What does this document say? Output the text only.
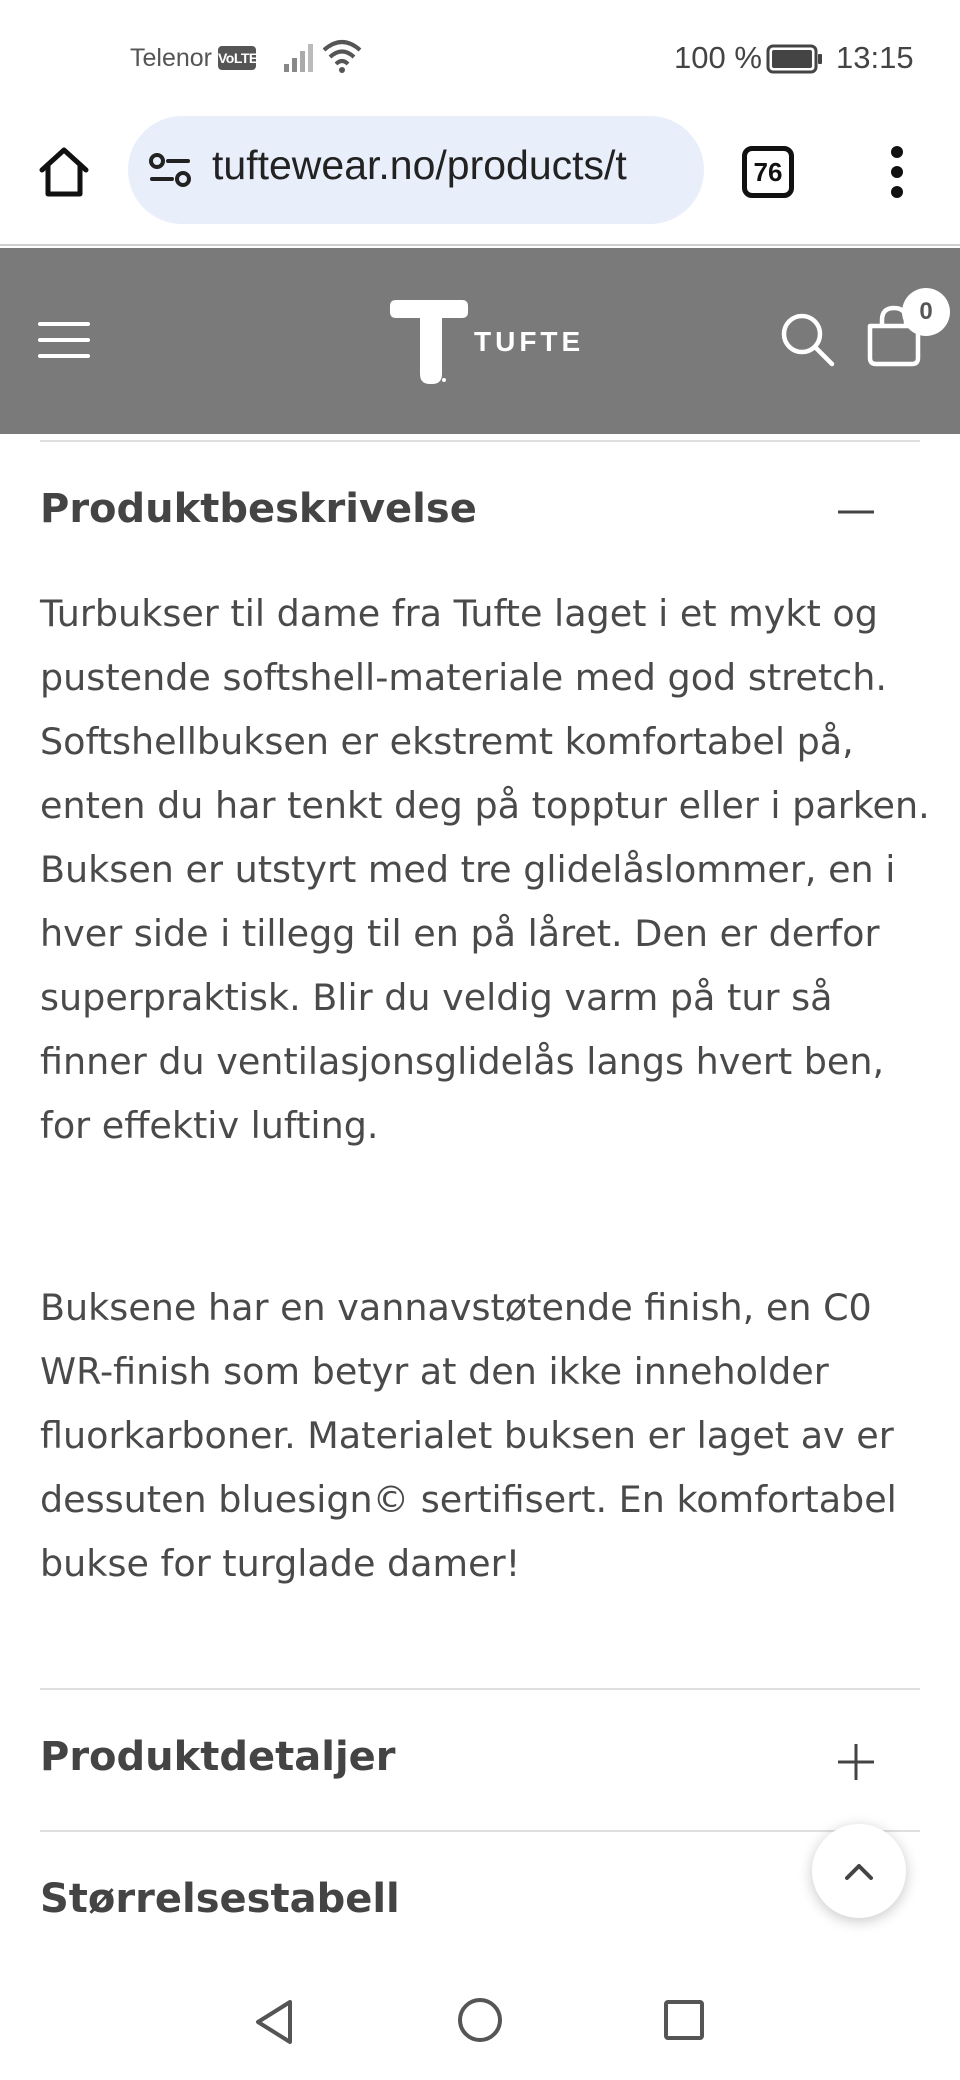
Telenor VoLTE	100 % 13:15
tuftewear.no/products/t	76
TUFTE
0
Produktbeskrivelse

Turbukser til dame fra Tufte laget i et mykt og pustende softshell-materiale med god stretch. Softshellbuksen er ekstremt komfortabel på, enten du har tenkt deg på topptur eller i parken. Buksen er utstyrt med tre glidelåslommer, en i hver side i tillegg til en på låret. Den er derfor superpraktisk. Blir du veldig varm på tur så finner du ventilasjonsglidelås langs hvert ben, for effektiv lufting.

Buksene har en vannavstøtende finish, en C0 WR-finish som betyr at den ikke inneholder fluorkarboner. Materialet buksen er laget av er dessuten bluesign© sertifisert. En komfortabel bukse for turglade damer!

Produktdetaljer
Størrelsestabell
